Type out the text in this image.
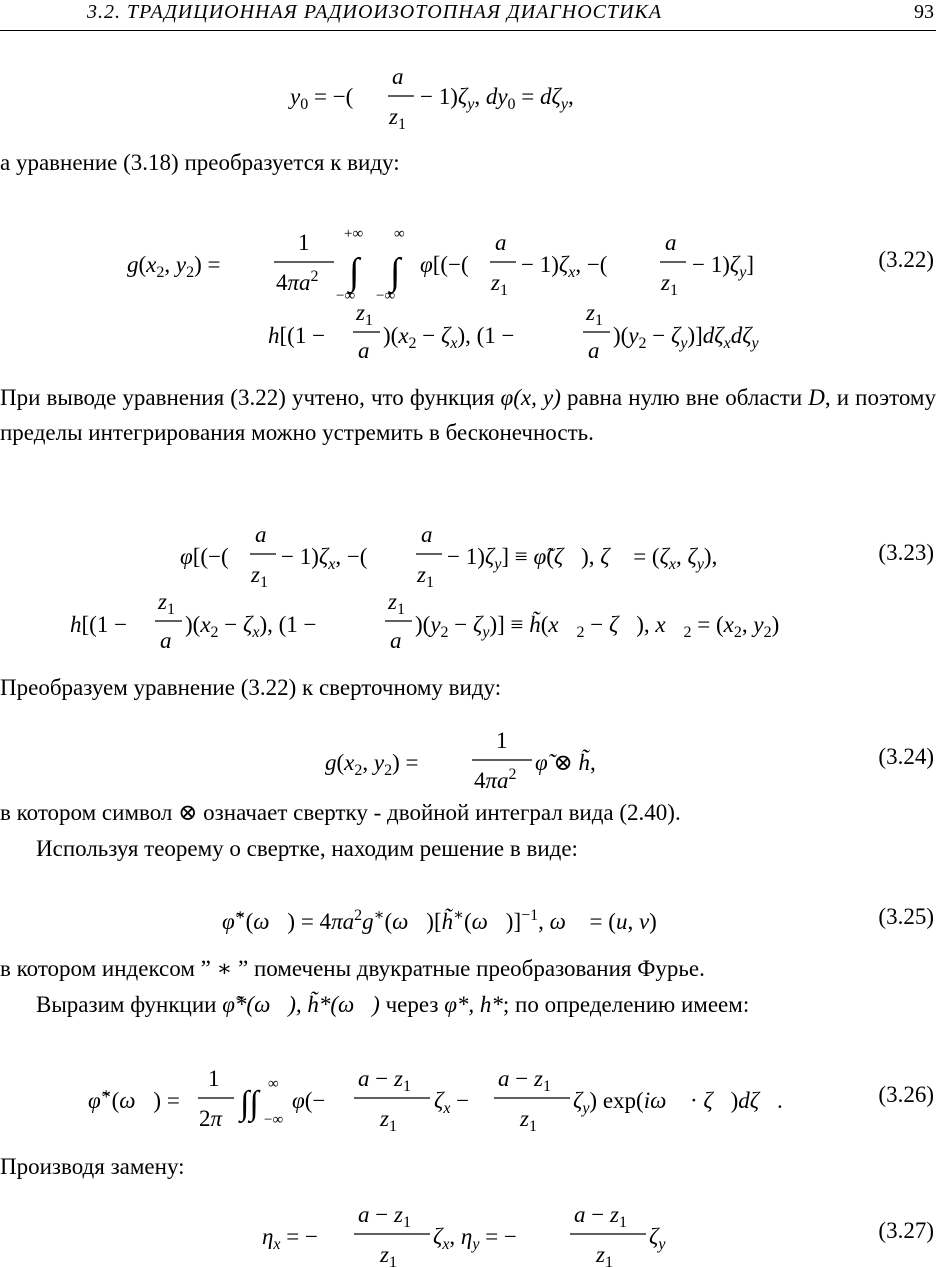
3.2. ТРАДИЦИОННАЯ РАДИОИЗОТОПНАЯ ДИАГНОСТИКА	93
$y_0$ = −(
a
$z_1$
− $1)\zeta_y$, $dy_0 = d\zeta_y$,

а уравнение (3.18) преобразуется к виду:

$g(x_2$, $y_2$) =
1
$4\pi a^2$
+∞ ∞
∫ ∫
−∞ −∞
φ[(−(
a
$z_1$
− $1)\zeta_x$, −(
a
$z_1$
− $1)\zeta_y$]
h[(1 −
$z_1$
a
)$(x_2 - \zeta_x)$, (1 −
$z_1$
a
)$(y_2 - \zeta_y)]d\zeta_xd\zeta_y$
(3.22)

При выводе уравнения (3.22) учтено, что функция φ(x, y) равна нулю вне области D, и поэтому пределы интегрирования можно устремить в бесконечность.

φ[(−(
a
$z_1$
− $1)\zeta_x$, −(
a
$z_1$
− $1)\zeta_y$] ≡ φ̃(ζ⃗), ζ⃗ = ($\zeta_x$, $\zeta_y$),
h[(1 −
$z_1$
a
)$(x_2 - \zeta_x)$, (1 −
$z_1$
a
)$(y_2 - \zeta_y)$] ≡ $h̃(x⃗_2$ − ζ⃗), $x⃗_2 = (x_2$, $y_2$)
(3.23)

Преобразуем уравнение (3.22) к сверточному виду:

$g(x_2$, $y_2$) =
1
$4\pi a^2$ φ̃ ⊗ h̃,	(3.24)

в котором символ ⊗ означает свертку - двойной интеграл вида (2.40).

Используя теорему о свертке, находим решение в виде:

φ̃∗(ω⃗) = $4\pi a^2g^∗(\omega⃗)[h̃^∗(\omega⃗)]^{-1}$, ω⃗ = (u, v)	(3.25)

в котором индексом ” ∗ ” помечены двукратные преобразования Фурье.

Выразим функции φ̃*(ω⃗), h̃*(ω⃗) через φ*, h*; по определению имеем:

φ̃∗(ω⃗) =
1
2π ∫∫
∞
−∞
φ(−
$a - z_1$
$z_1$
$\zeta_x$ −
$a - z_1$
$z_1$
$\zeta_y$) exp(iω⃗ · ζ⃗)dζ⃗.	(3.26)

Производя замену:

$\eta_x$ = −
$a - z_1$
$z_1$
$\zeta_x$, $\eta_y$ = −
$a - z_1$
$z_1$
$\zeta_y$
(3.27)
